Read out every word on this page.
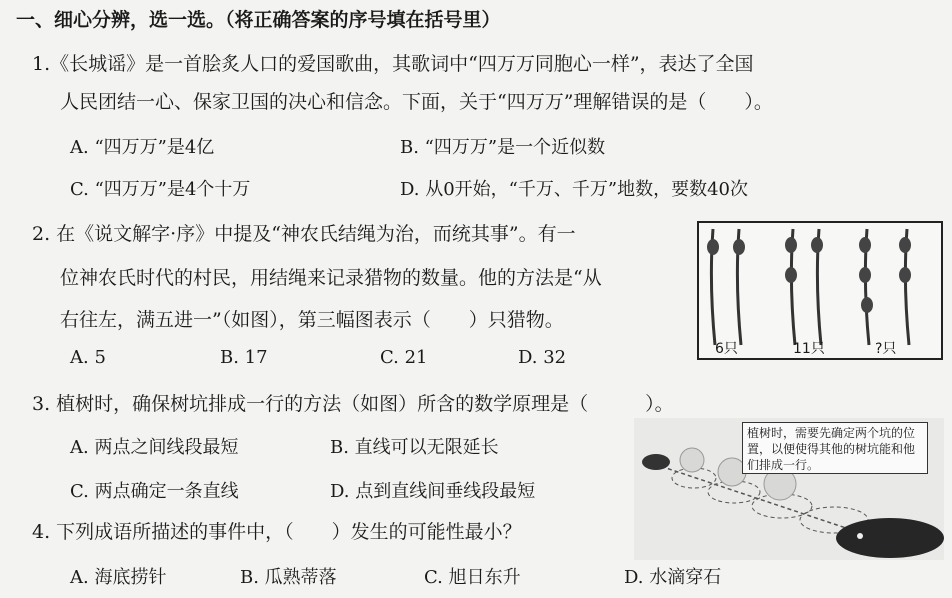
一、细心分辨，选一选。（将正确答案的序号填在括号里）
1.《长城谣》是一首脍炙人口的爱国歌曲，其歌词中“四万万同胞心一样”，表达了全国
人民团结一心、保家卫国的决心和信念。下面，关于“四万万”理解错误的是（　　）。
A. “四万万”是4亿	B. “四万万”是一个近似数
C. “四万万”是4个十万	D. 从0开始，“千万、千万”地数，要数40次
2. 在《说文解字·序》中提及“神农氏结绳为治，而统其事”。有一
位神农氏时代的村民，用结绳来记录猎物的数量。他的方法是“从
右往左，满五进一”（如图），第三幅图表示（　　）只猎物。
A. 5	B. 17	C. 21	D. 32	6只	11只	?只
3. 植树时，确保树坑排成一行的方法（如图）所含的数学原理是（　　　）。
A. 两点之间线段最短	B. 直线可以无限延长
C. 两点确定一条直线	D. 点到直线间垂线段最短
植树时，需要先确定两个坑的位置，以便使得其他的树坑能和他们排成一行。
4. 下列成语所描述的事件中，（　　）发生的可能性最小？
A. 海底捞针	B. 瓜熟蒂落	C. 旭日东升	D. 水滴穿石
